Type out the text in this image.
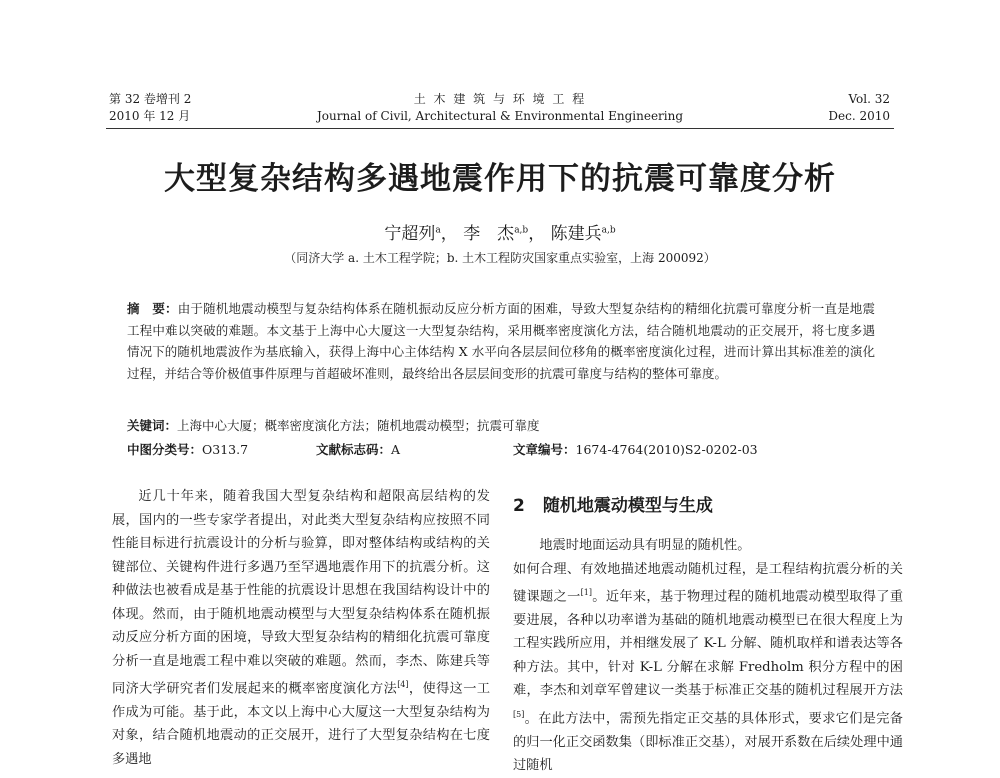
第 32 卷增刊 2
2010 年 12 月
土 木 建 筑 与 环 境 工 程
Journal of Civil, Architectural & Environmental Engineering
Vol. 32
Dec. 2010
大型复杂结构多遇地震作用下的抗震可靠度分析
宁超列$^a$， 李　杰$^{a,b}$， 陈建兵$^{a,b}$
（同济大学 a. 土木工程学院；b. 土木工程防灾国家重点实验室，上海 200092）
摘　要：由于随机地震动模型与复杂结构体系在随机振动反应分析方面的困难，导致大型复杂结构的精细化抗震可靠度分析一直是地震工程中难以突破的难题。本文基于上海中心大厦这一大型复杂结构，采用概率密度演化方法，结合随机地震动的正交展开，将七度多遇情况下的随机地震波作为基底输入，获得上海中心主体结构 X 水平向各层层间位移角的概率密度演化过程，进而计算出其标准差的演化过程，并结合等价极值事件原理与首超破坏准则，最终给出各层层间变形的抗震可靠度与结构的整体可靠度。
关键词：上海中心大厦；概率密度演化方法；随机地震动模型；抗震可靠度
中图分类号：O313.7	文献标志码：A	文章编号：1674-4764(2010)S2-0202-03

近几十年来，随着我国大型复杂结构和超限高层结构的发展，国内的一些专家学者提出，对此类大型复杂结构应按照不同性能目标进行抗震设计的分析与验算，即对整体结构或结构的关键部位、关键构件进行多遇乃至罕遇地震作用下的抗震分析。这种做法也被看成是基于性能的抗震设计思想在我国结构设计中的体现。然而，由于随机地震动模型与大型复杂结构体系在随机振动反应分析方面的困境，导致大型复杂结构的精细化抗震可靠度分析一直是地震工程中难以突破的难题。然而，李杰、陈建兵等同济大学研究者们发展起来的概率密度演化方法[4]，使得这一工作成为可能。基于此，本文以上海中心大厦这一大型复杂结构为对象，结合随机地震动的正交展开，进行了大型复杂结构在七度多遇地

2 随机地震动模型与生成

地震时地面运动具有明显的随机性。

如何合理、有效地描述地震动随机过程，是工程结构抗震分析的关键课题之一[1]。近年来，基于物理过程的随机地震动模型取得了重要进展，各种以功率谱为基础的随机地震动模型已在很大程度上为工程实践所应用，并相继发展了 K-L 分解、随机取样和谱表达等各种方法。其中，针对 K-L 分解在求解 Fredholm 积分方程中的困难，李杰和刘章军曾建议一类基于标准正交基的随机过程展开方法[5]。在此方法中，需预先指定正交基的具体形式，要求它们是完备的归一化正交函数集（即标准正交基），对展开系数在后续处理中通过随机
